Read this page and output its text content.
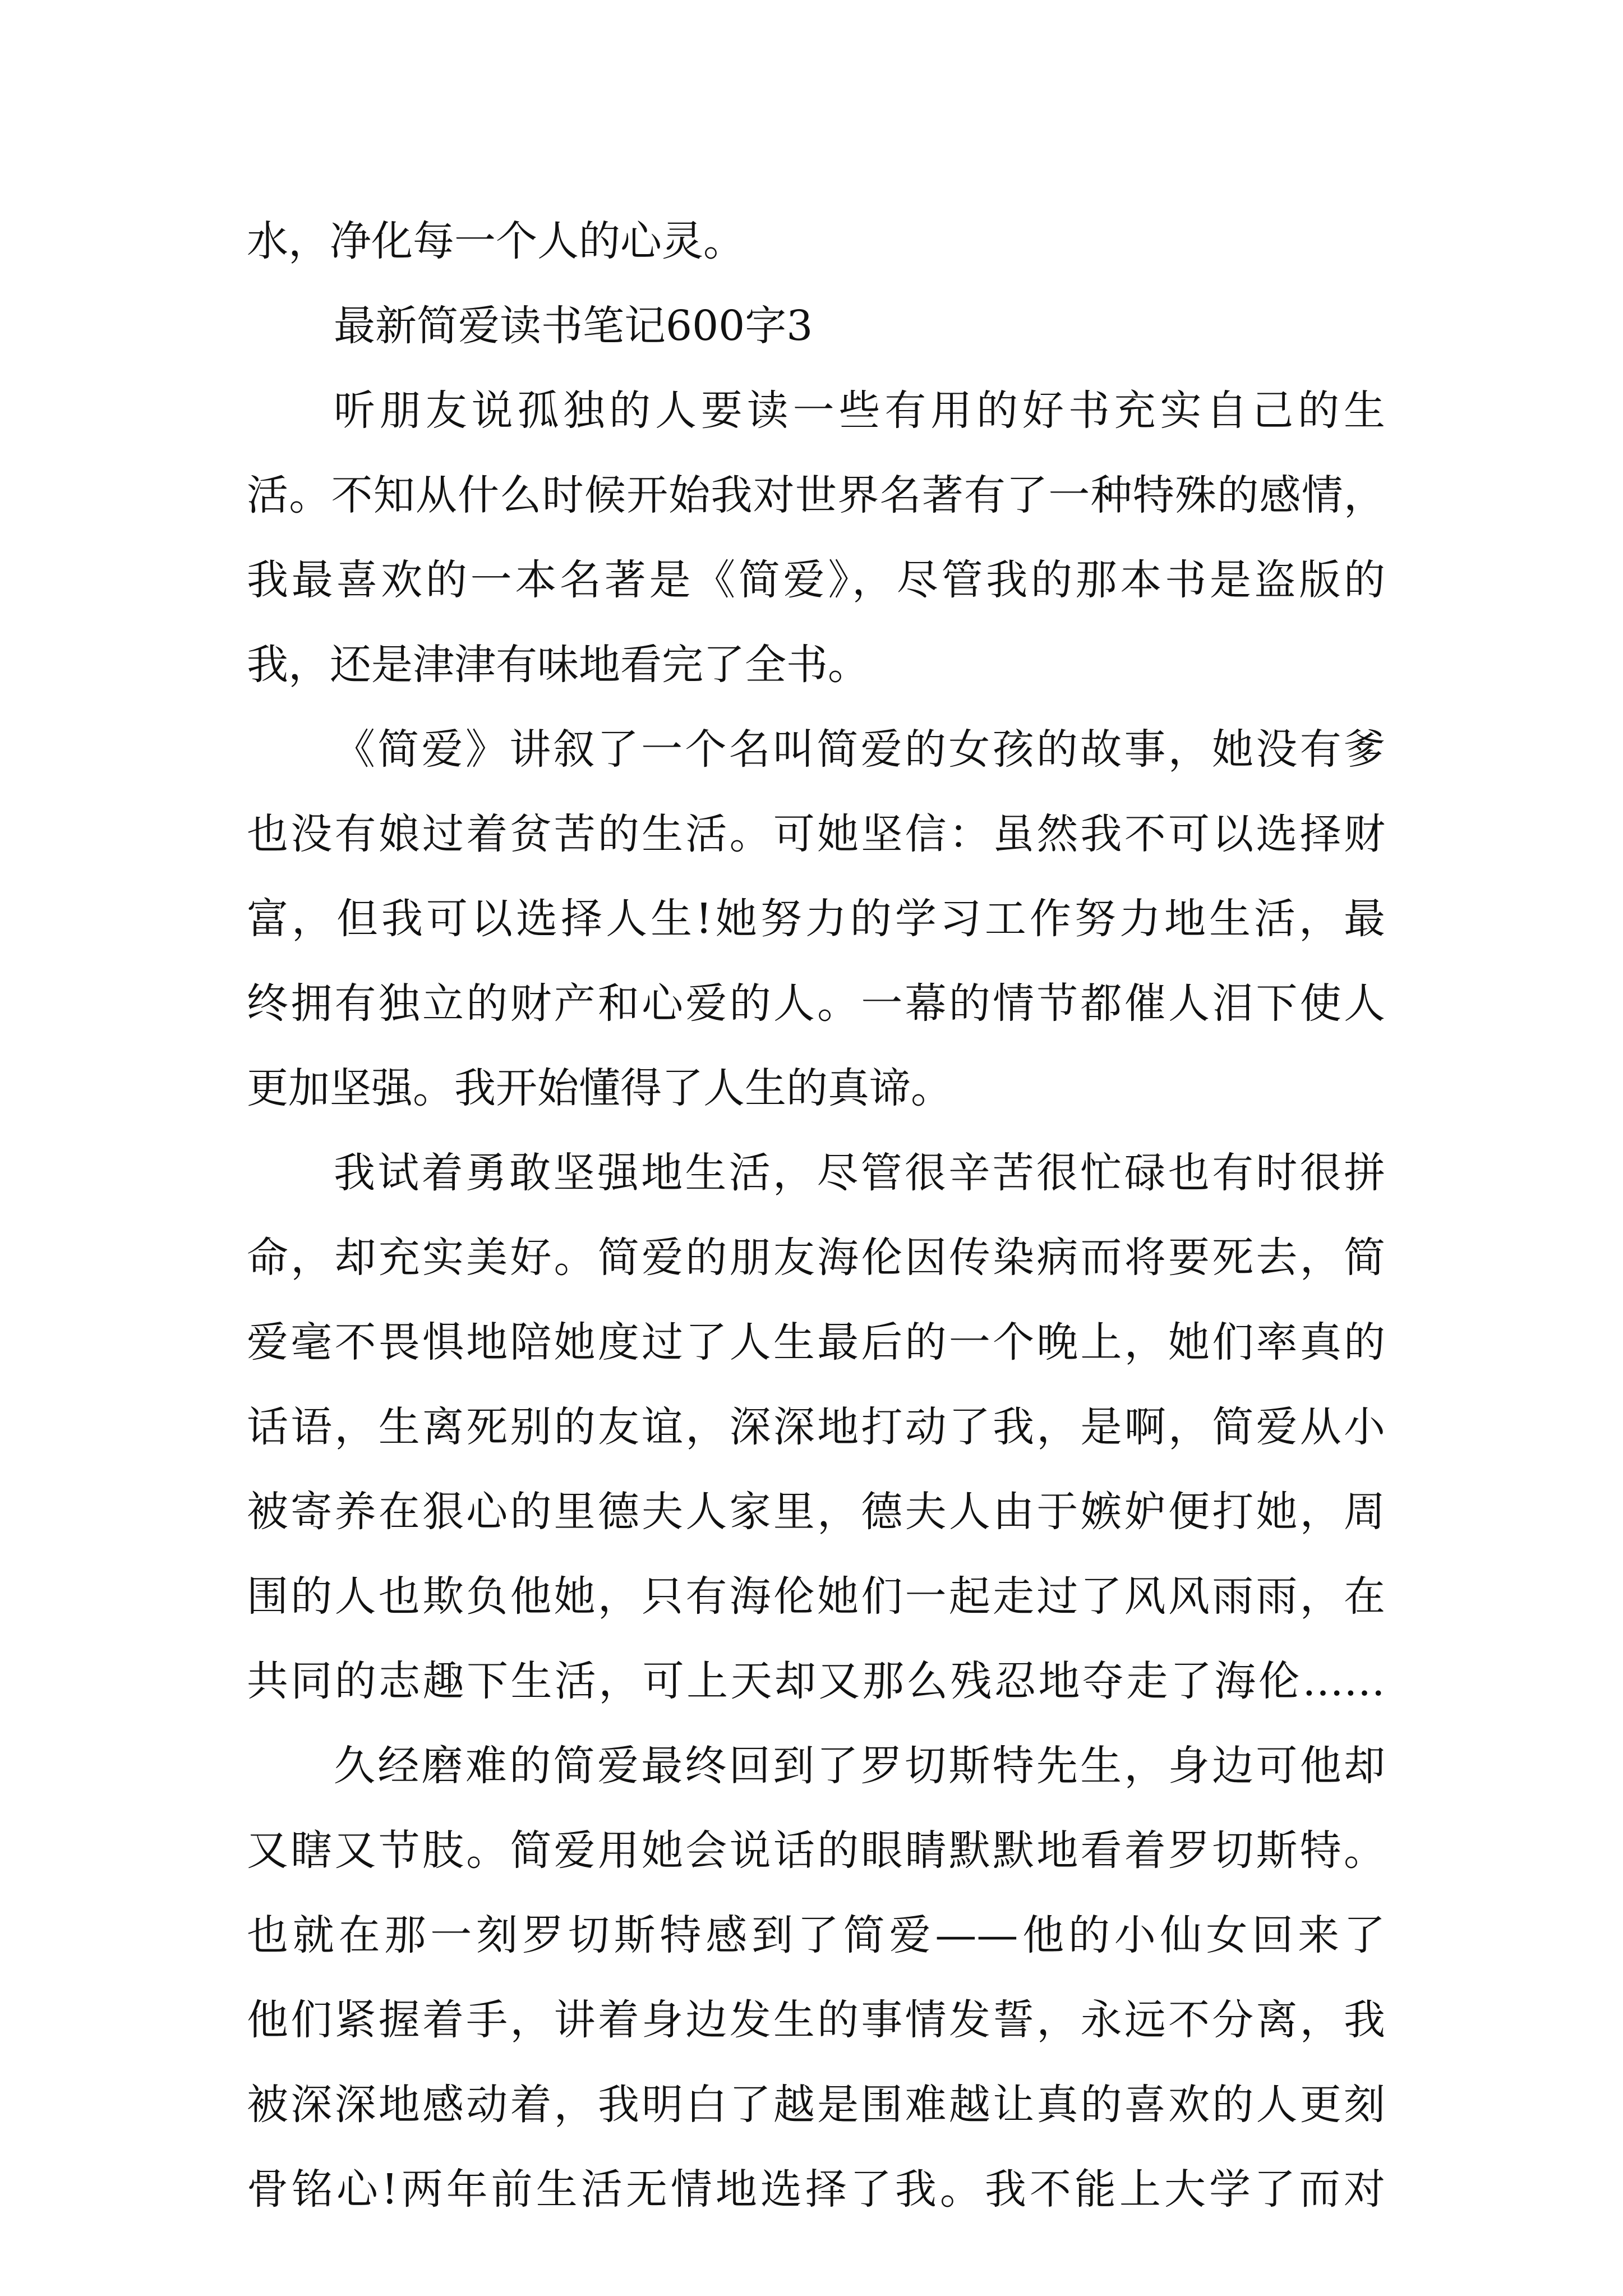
水，净化每一个人的心灵。
最新简爱读书笔记600字3
听朋友说孤独的人要读一些有用的好书充实自己的生
活。不知从什么时候开始我对世界名著有了一种特殊的感情，
我最喜欢的一本名著是《简爱》，尽管我的那本书是盗版的
我，还是津津有味地看完了全书。
《简爱》讲叙了一个名叫简爱的女孩的故事，她没有爹
也没有娘过着贫苦的生活。可她坚信：虽然我不可以选择财
富，但我可以选择人生!她努力的学习工作努力地生活，最
终拥有独立的财产和心爱的人。一幕的情节都催人泪下使人
更加坚强。我开始懂得了人生的真谛。
我试着勇敢坚强地生活，尽管很辛苦很忙碌也有时很拼
命，却充实美好。简爱的朋友海伦因传染病而将要死去，简
爱毫不畏惧地陪她度过了人生最后的一个晚上，她们率真的
话语，生离死别的友谊，深深地打动了我，是啊，简爱从小
被寄养在狠心的里德夫人家里，德夫人由于嫉妒便打她，周
围的人也欺负他她，只有海伦她们一起走过了风风雨雨，在
共同的志趣下生活，可上天却又那么残忍地夺走了海伦……
久经磨难的简爱最终回到了罗切斯特先生，身边可他却
又瞎又节肢。简爱用她会说话的眼睛默默地看着罗切斯特。
也就在那一刻罗切斯特感到了简爱——他的小仙女回来了
他们紧握着手，讲着身边发生的事情发誓，永远不分离，我
被深深地感动着，我明白了越是围难越让真的喜欢的人更刻
骨铭心!两年前生活无情地选择了我。我不能上大学了而对
